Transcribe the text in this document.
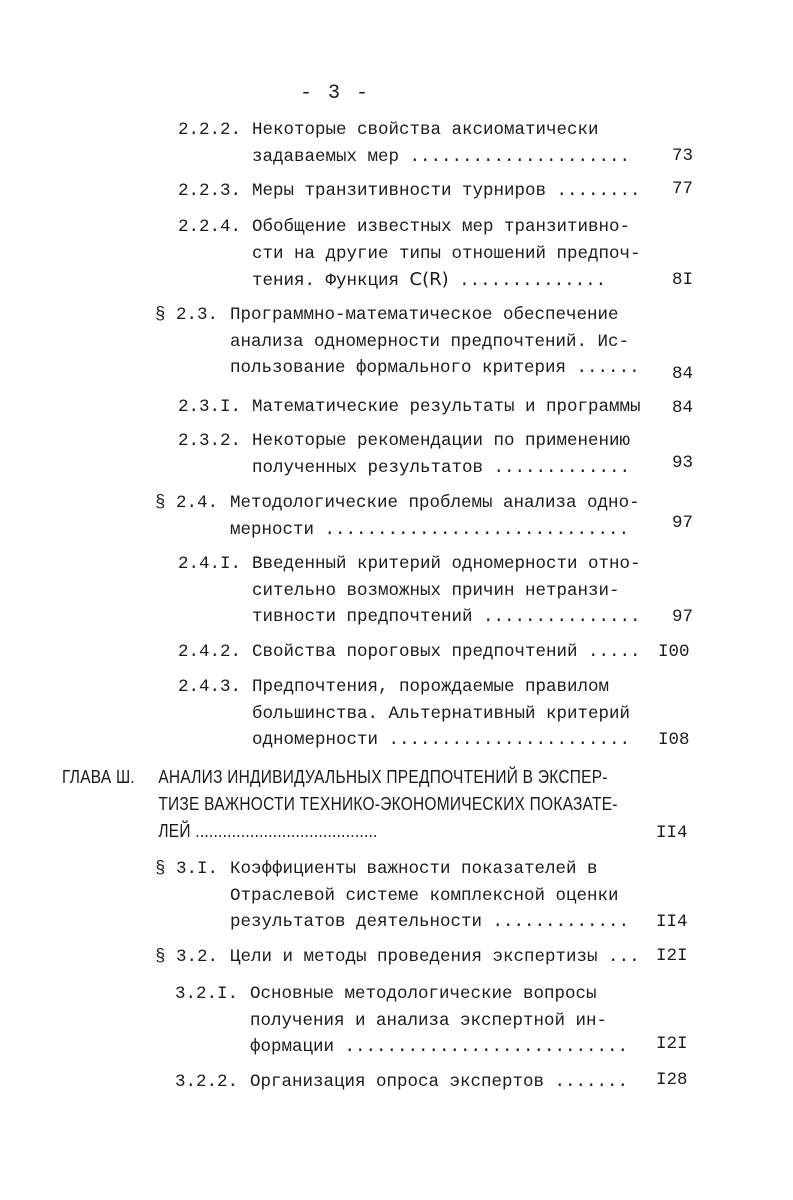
- 3 -
2.2.2. Некоторые свойства аксиоматически
задаваемых мер ..................... 73
2.2.3. Меры транзитивности турниров ........ 77
2.2.4. Обобщение известных мер транзитивно-
сти на другие типы отношений предпоч-
тения. Функция C(R) ..............	8I
§ 2.3. Программно-математическое обеспечение
анализа одномерности предпочтений. Ис-
пользование формального критерия ...... 84
2.3.I. Математические результаты и программы 84
2.3.2. Некоторые рекомендации по применению
полученных результатов ............. 93
§ 2.4. Методологические проблемы анализа одно-
мерности ............................. 97
2.4.I. Введенный критерий одномерности отно-
сительно возможных причин нетранзи-
тивности предпочтений ............... 97
2.4.2. Свойства пороговых предпочтений ..... I00
2.4.3. Предпочтения, порождаемые правилом
большинства. Альтернативный критерий
одномерности ....................... I08
ГЛАВА Ш. АНАЛИЗ ИНДИВИДУАЛЬНЫХ ПРЕДПОЧТЕНИЙ В ЭКСПЕР-
ТИЗЕ ВАЖНОСТИ ТЕХНИКО-ЭКОНОМИЧЕСКИХ ПОКАЗАТЕ-
ЛЕЙ ........................................	II4
§ 3.I. Коэффициенты важности показателей в
Отраслевой системе комплексной оценки
результатов деятельности ............. II4
§ 3.2. Цели и методы проведения экспертизы ... I2I
3.2.I. Основные методологические вопросы
получения и анализа экспертной ин-
формации ........................... I2I
3.2.2. Организация опроса экспертов ....... I28
